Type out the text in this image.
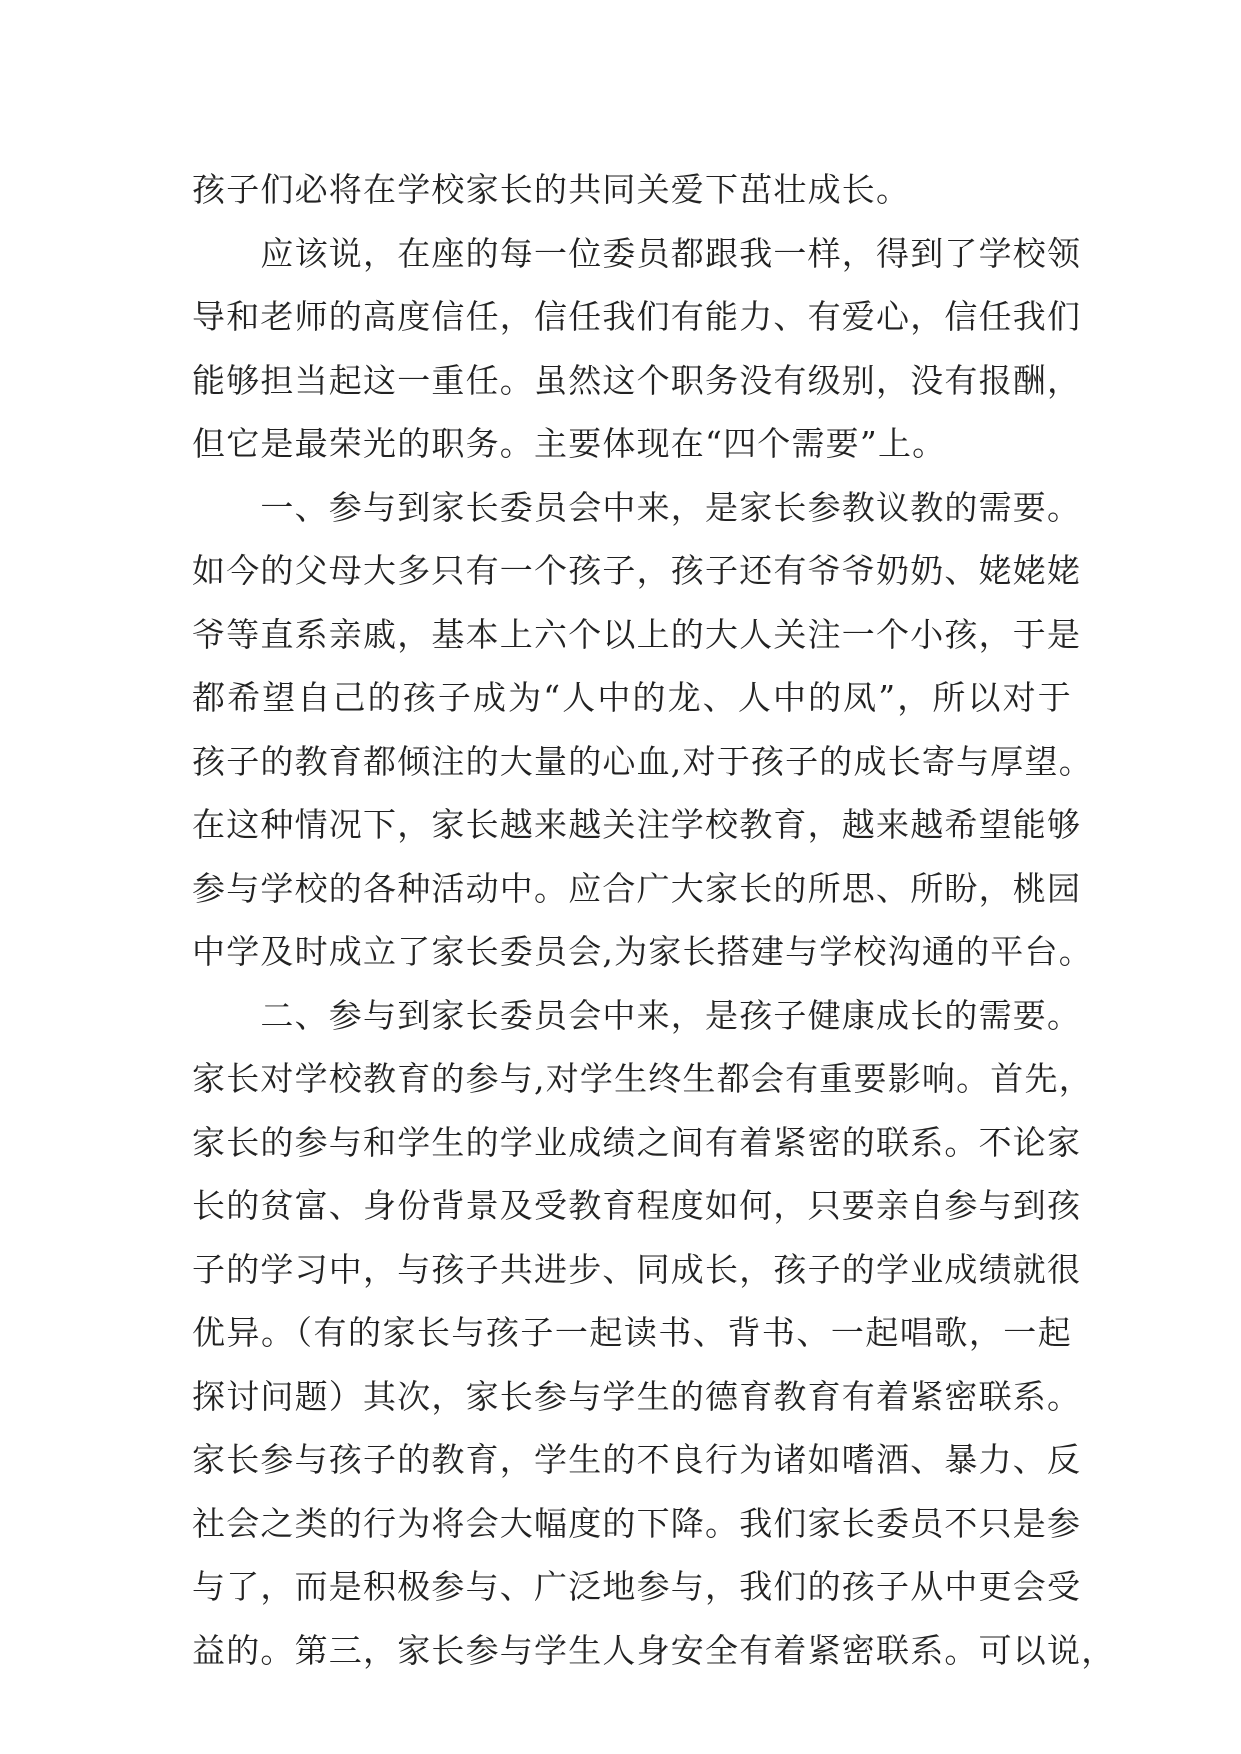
孩子们必将在学校家长的共同关爱下茁壮成长。
　　应该说，在座的每一位委员都跟我一样，得到了学校领
导和老师的高度信任，信任我们有能力、有爱心，信任我们
能够担当起这一重任。虽然这个职务没有级别，没有报酬，
但它是最荣光的职务。主要体现在“四个需要”上。
　　一、参与到家长委员会中来，是家长参教议教的需要。
如今的父母大多只有一个孩子，孩子还有爷爷奶奶、姥姥姥
爷等直系亲戚，基本上六个以上的大人关注一个小孩，于是
都希望自己的孩子成为“人中的龙、人中的凤”，所以对于
孩子的教育都倾注的大量的心血,对于孩子的成长寄与厚望。
在这种情况下，家长越来越关注学校教育，越来越希望能够
参与学校的各种活动中。应合广大家长的所思、所盼，桃园
中学及时成立了家长委员会,为家长搭建与学校沟通的平台。
　　二、参与到家长委员会中来，是孩子健康成长的需要。
家长对学校教育的参与,对学生终生都会有重要影响。首先，
家长的参与和学生的学业成绩之间有着紧密的联系。不论家
长的贫富、身份背景及受教育程度如何，只要亲自参与到孩
子的学习中，与孩子共进步、同成长，孩子的学业成绩就很
优异。（有的家长与孩子一起读书、背书、一起唱歌，一起
探讨问题）其次，家长参与学生的德育教育有着紧密联系。
家长参与孩子的教育，学生的不良行为诸如嗜酒、暴力、反
社会之类的行为将会大幅度的下降。我们家长委员不只是参
与了，而是积极参与、广泛地参与，我们的孩子从中更会受
益的。第三，家长参与学生人身安全有着紧密联系。可以说，
